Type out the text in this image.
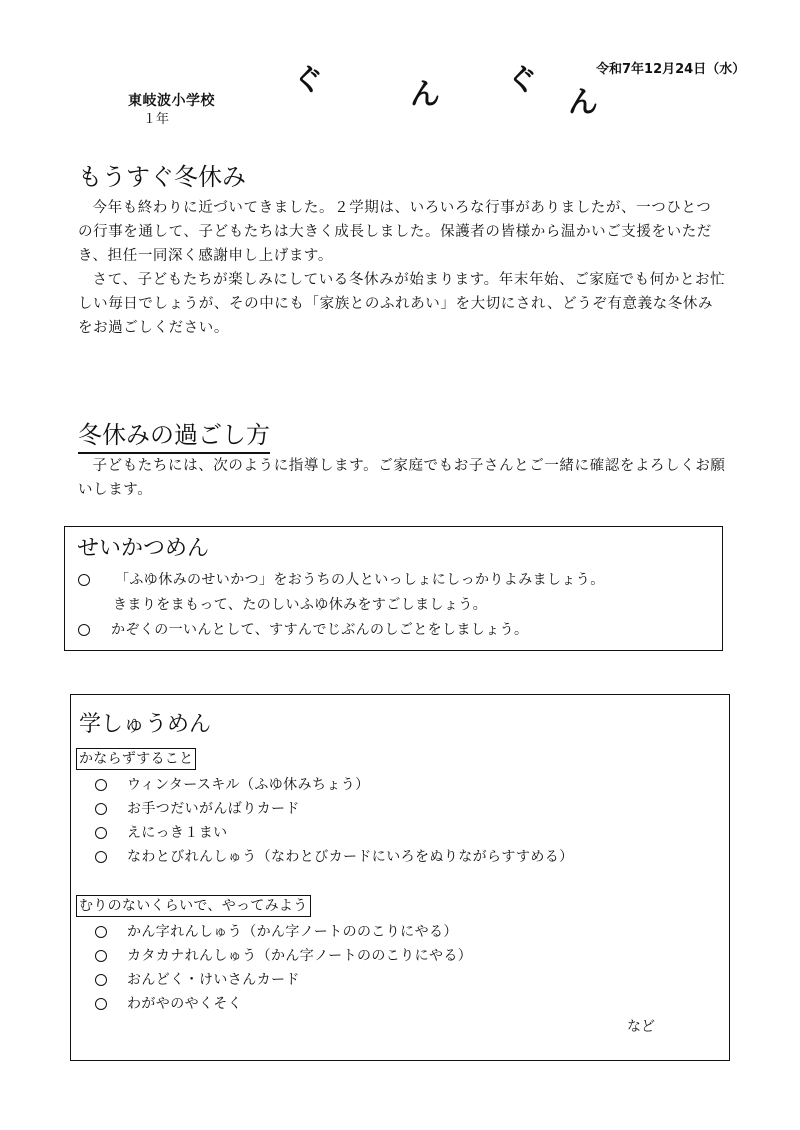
東岐波小学校
１年
令和7年12月24日（水）
ぐ	ん ぐ
ん
もうすぐ冬休み

今年も終わりに近づいてきました。２学期は、いろいろな行事がありましたが、一つひとつの行事を通して、子どもたちは大きく成長しました。保護者の皆様から温かいご支援をいただき、担任一同深く感謝申し上げます。

さて、子どもたちが楽しみにしている冬休みが始まります。年末年始、ご家庭でも何かとお忙しい毎日でしょうが、その中にも「家族とのふれあい」を大切にされ、どうぞ有意義な冬休みをお過ごしください。

冬休みの過ごし方

子どもたちには、次のように指導します。ご家庭でもお子さんとご一緒に確認をよろしくお願いします。

せいかつめん
「ふゆ休みのせいかつ」をおうちの人といっしょにしっかりよみましょう。
きまりをまもって、たのしいふゆ休みをすごしましょう。
かぞくの一いんとして、すすんでじぶんのしごとをしましょう。
学しゅうめん
かならずすること
ウィンタースキル（ふゆ休みちょう）
お手つだいがんばりカード
えにっき１まい
なわとびれんしゅう（なわとびカードにいろをぬりながらすすめる）
むりのないくらいで、やってみよう
かん字れんしゅう（かん字ノートののこりにやる）
カタカナれんしゅう（かん字ノートののこりにやる）
おんどく・けいさんカード
わがやのやくそく
など
